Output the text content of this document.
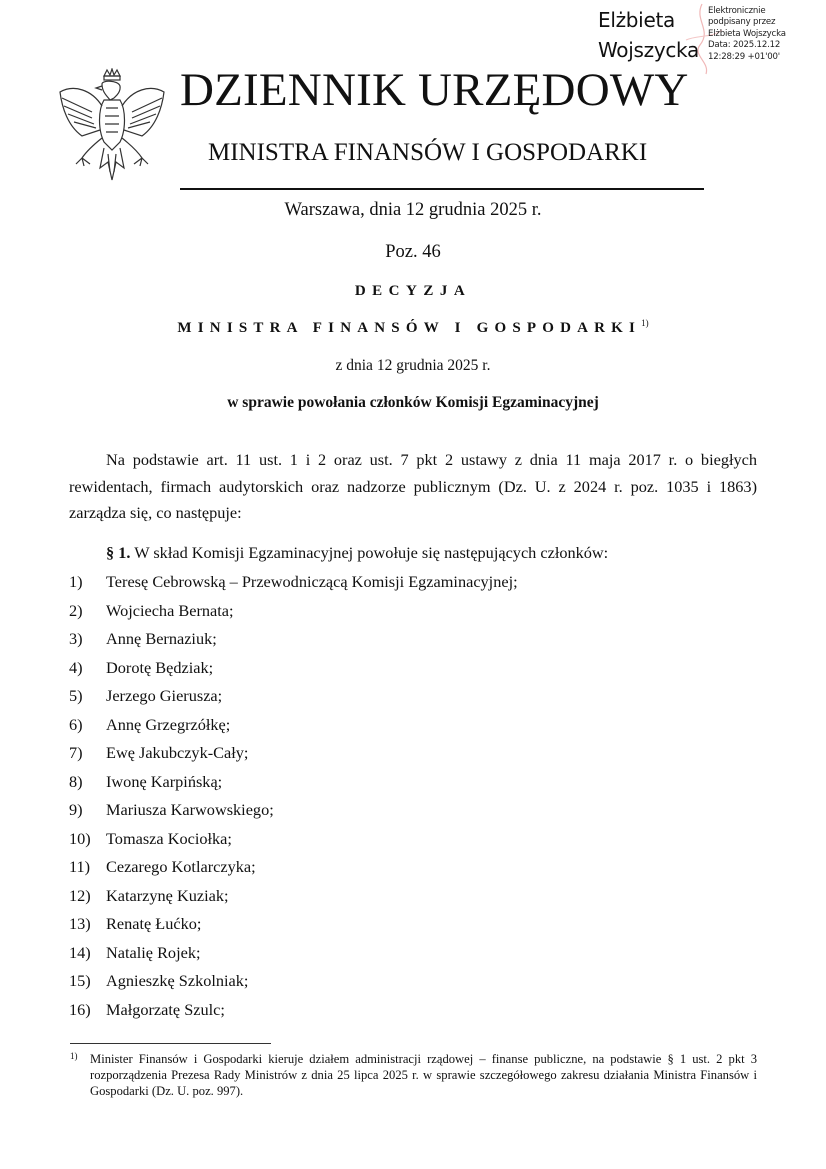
Elżbieta
Wojszycka
Elektronicznie
podpisany przez
Elżbieta Wojszycka
Data: 2025.12.12
12:28:29 +01'00'
DZIENNIK URZĘDOWY
MINISTRA FINANSÓW I GOSPODARKI
Warszawa, dnia 12 grudnia 2025 r.
Poz. 46
DECYZJA
MINISTRA FINANSÓW I GOSPODARKI$^{1)}$
z dnia 12 grudnia 2025 r.
w sprawie powołania członków Komisji Egzaminacyjnej
Na podstawie art. 11 ust. 1 i 2 oraz ust. 7 pkt 2 ustawy z dnia 11 maja 2017 r. o biegłych rewidentach, firmach audytorskich oraz nadzorze publicznym (Dz. U. z 2024 r. poz. 1035 i 1863) zarządza się, co następuje:
§ 1. W skład Komisji Egzaminacyjnej powołuje się następujących członków:
1)	Teresę Cebrowską – Przewodniczącą Komisji Egzaminacyjnej;
2)	Wojciecha Bernata;
3)	Annę Bernaziuk;
4)	Dorotę Będziak;
5)	Jerzego Gierusza;
6)	Annę Grzegrzółkę;
7)	Ewę Jakubczyk-Cały;
8)	Iwonę Karpińską;
9)	Mariusza Karwowskiego;
10) Tomasza Kociołka;
11) Cezarego Kotlarczyka;
12) Katarzynę Kuziak;
13) Renatę Łućko;
14) Natalię Rojek;
15) Agnieszkę Szkolniak;
16) Małgorzatę Szulc;
1) Minister Finansów i Gospodarki kieruje działem administracji rządowej – finanse publiczne, na podstawie § 1 ust. 2 pkt 3 rozporządzenia Prezesa Rady Ministrów z dnia 25 lipca 2025 r. w sprawie szczegółowego zakresu działania Ministra Finansów i Gospodarki (Dz. U. poz. 997).
